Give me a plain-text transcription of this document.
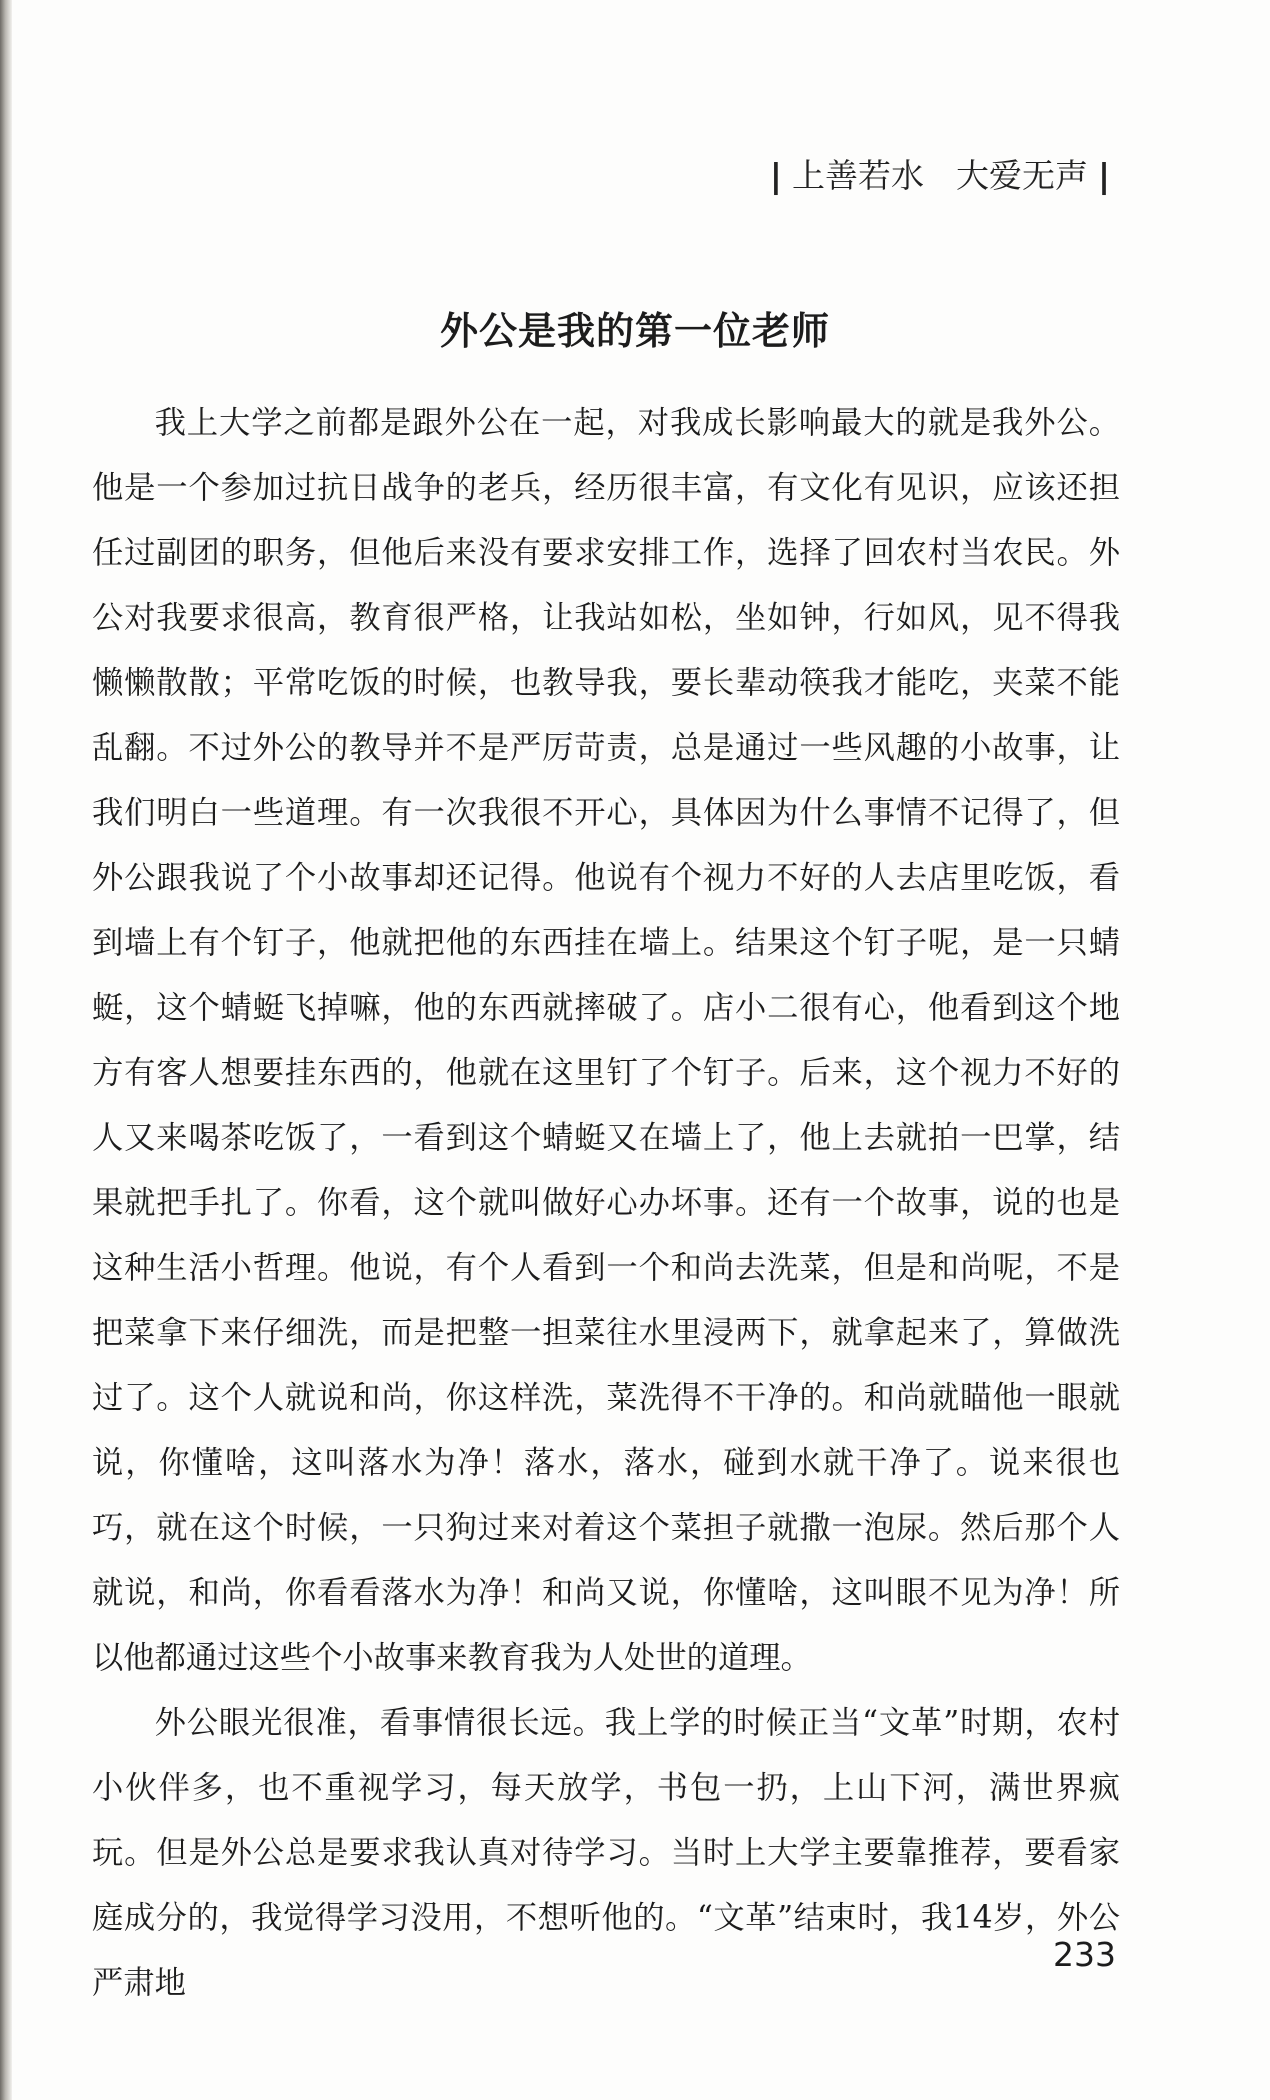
| 上善若水 大爱无声 |
外公是我的第一位老师

我上大学之前都是跟外公在一起，对我成长影响最大的就是我外公。他是一个参加过抗日战争的老兵，经历很丰富，有文化有见识，应该还担任过副团的职务，但他后来没有要求安排工作，选择了回农村当农民。外公对我要求很高，教育很严格，让我站如松，坐如钟，行如风，见不得我懒懒散散；平常吃饭的时候，也教导我，要长辈动筷我才能吃，夹菜不能乱翻。不过外公的教导并不是严厉苛责，总是通过一些风趣的小故事，让我们明白一些道理。有一次我很不开心，具体因为什么事情不记得了，但外公跟我说了个小故事却还记得。他说有个视力不好的人去店里吃饭，看到墙上有个钉子，他就把他的东西挂在墙上。结果这个钉子呢，是一只蜻蜓，这个蜻蜓飞掉嘛，他的东西就摔破了。店小二很有心，他看到这个地方有客人想要挂东西的，他就在这里钉了个钉子。后来，这个视力不好的人又来喝茶吃饭了，一看到这个蜻蜓又在墙上了，他上去就拍一巴掌，结果就把手扎了。你看，这个就叫做好心办坏事。还有一个故事，说的也是这种生活小哲理。他说，有个人看到一个和尚去洗菜，但是和尚呢，不是把菜拿下来仔细洗，而是把整一担菜往水里浸两下，就拿起来了，算做洗过了。这个人就说和尚，你这样洗，菜洗得不干净的。和尚就瞄他一眼就说，你懂啥，这叫落水为净！落水，落水，碰到水就干净了。说来很也巧，就在这个时候，一只狗过来对着这个菜担子就撒一泡尿。然后那个人就说，和尚，你看看落水为净！和尚又说，你懂啥，这叫眼不见为净！所以他都通过这些个小故事来教育我为人处世的道理。

外公眼光很准，看事情很长远。我上学的时候正当“文革”时期，农村小伙伴多，也不重视学习，每天放学，书包一扔，上山下河，满世界疯玩。但是外公总是要求我认真对待学习。当时上大学主要靠推荐，要看家庭成分的，我觉得学习没用，不想听他的。“文革”结束时，我14岁，外公严肃地

233
